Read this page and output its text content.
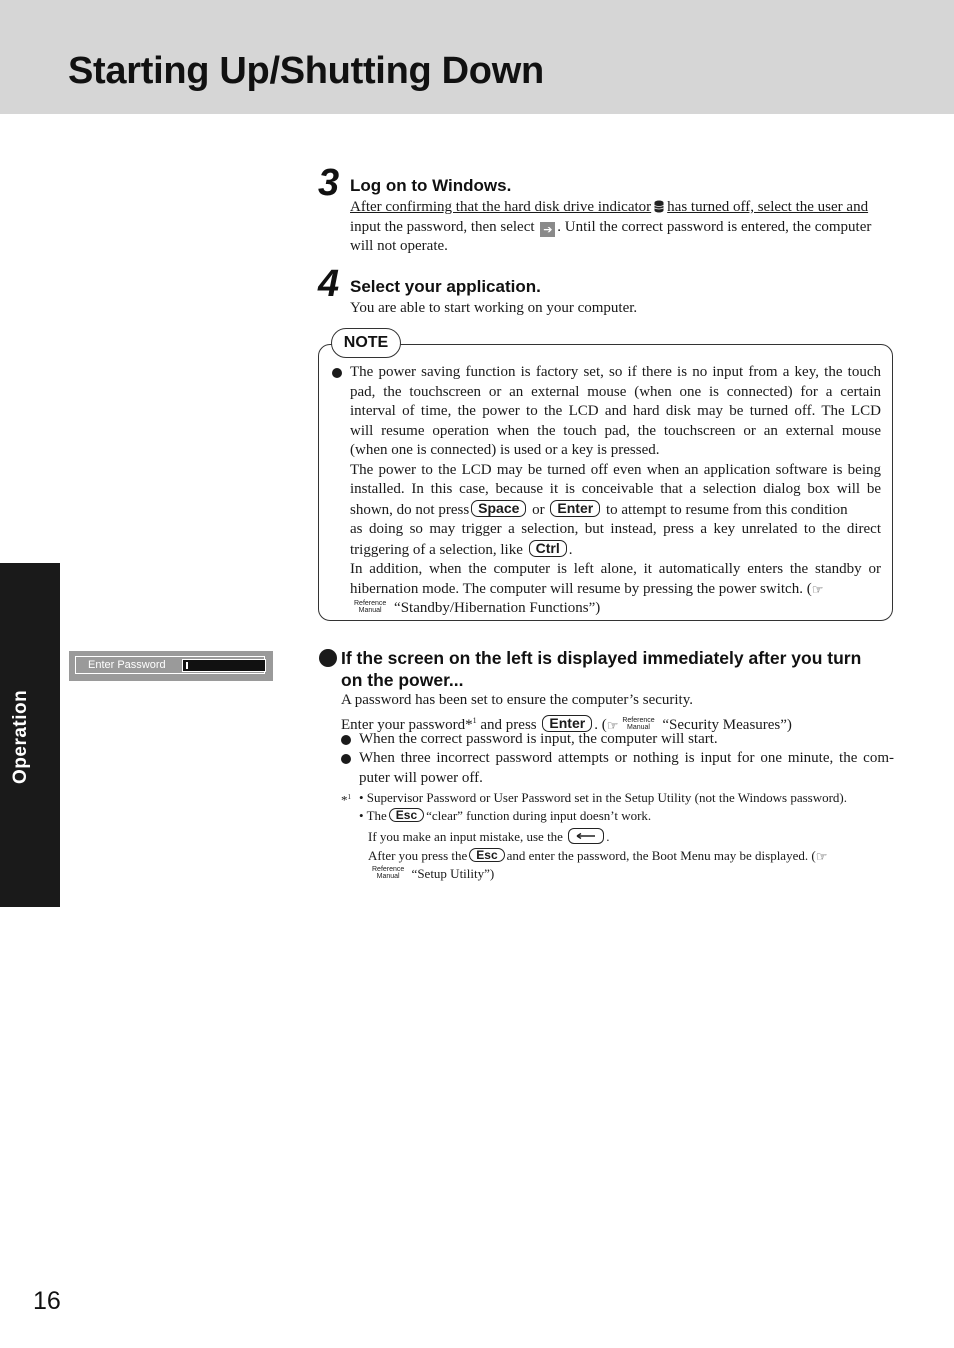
Starting Up/Shutting Down
Operation
3 Log on to Windows.
After confirming that the hard disk drive indicator has turned off, select the user and
input the password, then select ➔ . Until the correct password is entered, the computer
will not operate.
4 Select your application.
You are able to start working on your computer.
NOTE
The power saving function is factory set, so if there is no input from a key, the touch
pad, the touchscreen or an external mouse (when one is connected) for a certain
interval of time, the power to the LCD and hard disk may be turned off. The LCD
will resume operation when the touch pad, the touchscreen or an external mouse
(when one is connected) is used or a key is pressed.
The power to the LCD may be turned off even when an application software is being
installed. In this case, because it is conceivable that a selection dialog box will be
shown, do not press Space or Enter to attempt to resume from this condition
as doing so may trigger a selection, but instead, press a key unrelated to the direct
triggering of a selection, like Ctrl .
In addition, when the computer is left alone, it automatically enters the standby or
hibernation mode. The computer will resume by pressing the power switch. (☞
Reference
Manual “Standby/Hibernation Functions”)
Enter Password	If the screen on the left is displayed immediately after you turn
on the power...
A password has been set to ensure the computer’s security.
Enter your password*$^1$ and press Enter . (☞ Reference
Manual “Security Measures”)
When the correct password is input, the computer will start.
When three incorrect password attempts or nothing is input for one minute, the com-
puter will power off.
*$^1$ • Supervisor Password or User Password set in the Setup Utility (not the Windows password).
• The Esc “clear” function during input doesn’t work.
If you make an input mistake, use the	.
After you press the Esc and enter the password, the Boot Menu may be displayed. (☞
Reference
Manual “Setup Utility”)
16
